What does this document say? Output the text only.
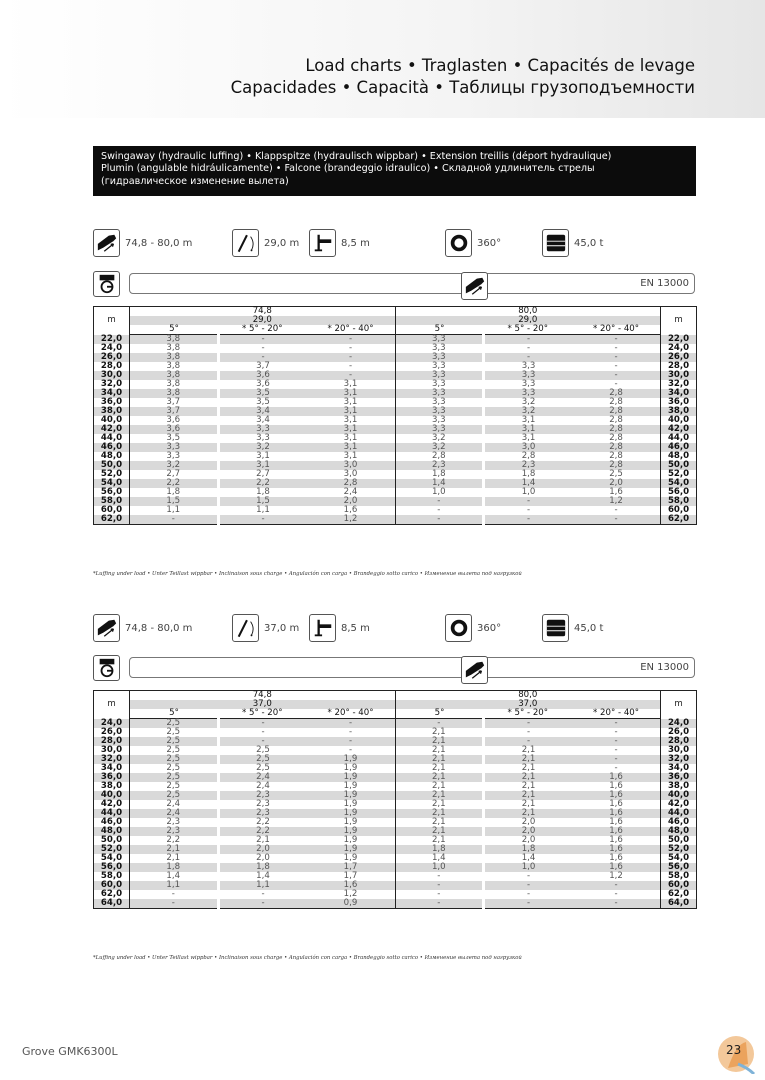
Load charts • Traglasten • Capacités de levage
Capacidades • Capacità • Таблицы грузоподъемности
Swingaway (hydraulic luffing) • Klappspitze (hydraulisch wippbar) • Extension treillis (déport hydraulique)
Plumin (angulable hidráulicamente) • Falcone (brandeggio idraulico) • Складной удлинитель стрелы
(гидравлическое изменение вылета)
74,8 - 80,0 m	29,0 m	8,5 m	360°	45,0 t
EN 13000
m	74,8			80,0			m
	29,0			29,0			
	5°	* 5° - 20°	* 20° - 40°	5°	* 5° - 20°	* 20° - 40°	
22,0	3,8	-	-	3,3	-	-	22,0
24,0	3,8	-	-	3,3	-	-	24,0
26,0	3,8	-	-	3,3	-	-	26,0
28,0	3,8	3,7	-	3,3	3,3	-	28,0
30,0	3,8	3,6	-	3,3	3,3	-	30,0
32,0	3,8	3,6	3,1	3,3	3,3	-	32,0
34,0	3,8	3,5	3,1	3,3	3,3	2,8	34,0
36,0	3,7	3,5	3,1	3,3	3,2	2,8	36,0
38,0	3,7	3,4	3,1	3,3	3,2	2,8	38,0
40,0	3,6	3,4	3,1	3,3	3,1	2,8	40,0
42,0	3,6	3,3	3,1	3,3	3,1	2,8	42,0
44,0	3,5	3,3	3,1	3,2	3,1	2,8	44,0
46,0	3,3	3,2	3,1	3,2	3,0	2,8	46,0
48,0	3,3	3,1	3,1	2,8	2,8	2,8	48,0
50,0	3,2	3,1	3,0	2,3	2,3	2,8	50,0
52,0	2,7	2,7	3,0	1,8	1,8	2,5	52,0
54,0	2,2	2,2	2,8	1,4	1,4	2,0	54,0
56,0	1,8	1,8	2,4	1,0	1,0	1,6	56,0
58,0	1,5	1,5	2,0	-	-	1,2	58,0
60,0	1,1	1,1	1,6	-	-	-	60,0
62,0	-	-	1,2	-	-	-	62,0
*Luffing under load • Unter Teillast wippbar • Inclinaison sous charge • Angulación con carga • Brandeggio sotto carico • Изменение вылета под нагрузкой
74,8 - 80,0 m	37,0 m	8,5 m	360°	45,0 t
EN 13000
m	74,8			80,0			m
	37,0			37,0			
	5°	* 5° - 20°	* 20° - 40°	5°	* 5° - 20°	* 20° - 40°	
24,0	2,5	-	-	-	-	-	24,0
26,0	2,5	-	-	2,1	-	-	26,0
28,0	2,5	-	-	2,1	-	-	28,0
30,0	2,5	2,5	-	2,1	2,1	-	30,0
32,0	2,5	2,5	1,9	2,1	2,1	-	32,0
34,0	2,5	2,5	1,9	2,1	2,1	-	34,0
36,0	2,5	2,4	1,9	2,1	2,1	1,6	36,0
38,0	2,5	2,4	1,9	2,1	2,1	1,6	38,0
40,0	2,5	2,3	1,9	2,1	2,1	1,6	40,0
42,0	2,4	2,3	1,9	2,1	2,1	1,6	42,0
44,0	2,4	2,3	1,9	2,1	2,1	1,6	44,0
46,0	2,3	2,2	1,9	2,1	2,0	1,6	46,0
48,0	2,3	2,2	1,9	2,1	2,0	1,6	48,0
50,0	2,2	2,1	1,9	2,1	2,0	1,6	50,0
52,0	2,1	2,0	1,9	1,8	1,8	1,6	52,0
54,0	2,1	2,0	1,9	1,4	1,4	1,6	54,0
56,0	1,8	1,8	1,7	1,0	1,0	1,6	56,0
58,0	1,4	1,4	1,7	-	-	1,2	58,0
60,0	1,1	1,1	1,6	-	-	-	60,0
62,0	-	-	1,2	-	-	-	62,0
64,0	-	-	0,9	-	-	-	64,0
*Luffing under load • Unter Teillast wippbar • Inclinaison sous charge • Angulación con carga • Brandeggio sotto carico • Изменение вылета под нагрузкой
Grove GMK6300L	23
